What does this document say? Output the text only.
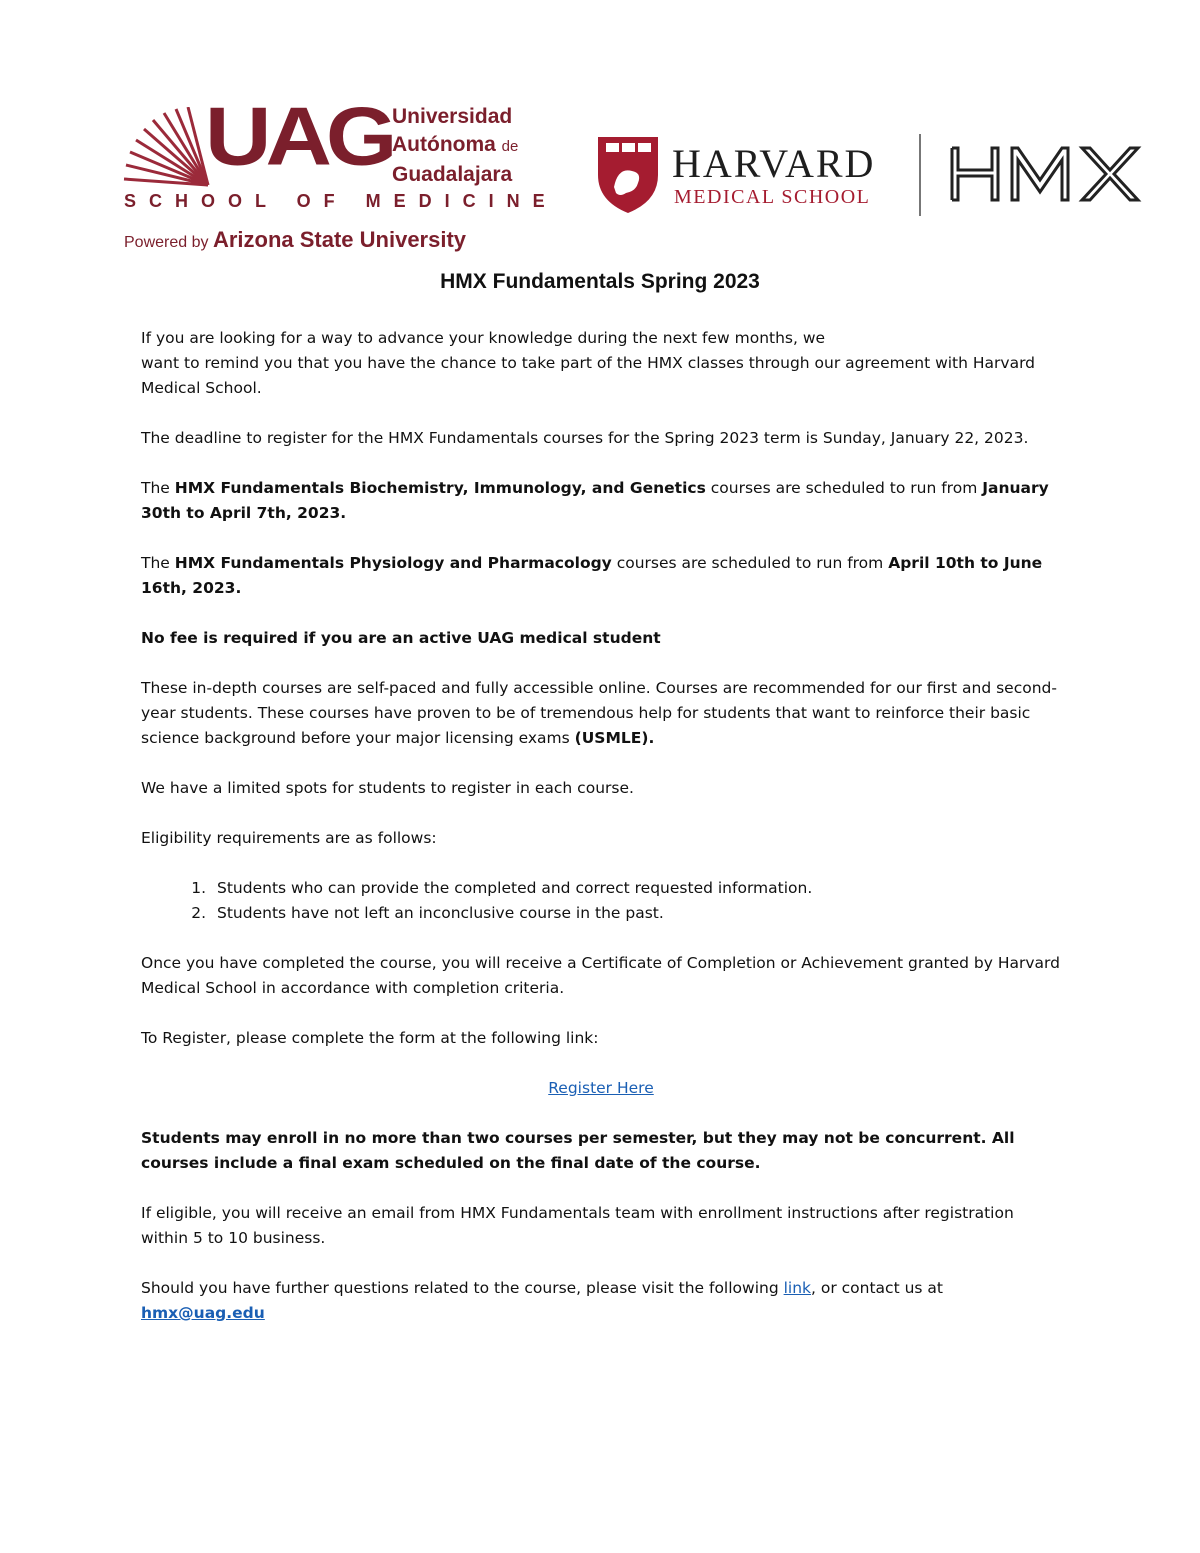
UAG Universidad
Autónoma de
Guadalajara
SCHOOL OF MEDICINE
Powered by Arizona State University
HARVARD
MEDICAL SCHOOL
HMX Fundamentals Spring 2023

If you are looking for a way to advance your knowledge during the next few months, we
want to remind you that you have the chance to take part of the HMX classes through our agreement with Harvard Medical School.

The deadline to register for the HMX Fundamentals courses for the Spring 2023 term is Sunday, January 22, 2023.

The HMX Fundamentals Biochemistry, Immunology, and Genetics courses are scheduled to run from January 30th to April 7th, 2023.

The HMX Fundamentals Physiology and Pharmacology courses are scheduled to run from April 10th to June 16th, 2023.

No fee is required if you are an active UAG medical student

These in-depth courses are self-paced and fully accessible online. Courses are recommended for our first and second-year students. These courses have proven to be of tremendous help for students that want to reinforce their basic science background before your major licensing exams (USMLE).

We have a limited spots for students to register in each course.

Eligibility requirements are as follows:

1. Students who can provide the completed and correct requested information.
2. Students have not left an inconclusive course in the past.

Once you have completed the course, you will receive a Certificate of Completion or Achievement granted by Harvard Medical School in accordance with completion criteria.

To Register, please complete the form at the following link:

Register Here

Students may enroll in no more than two courses per semester, but they may not be concurrent. All courses include a final exam scheduled on the final date of the course.

If eligible, you will receive an email from HMX Fundamentals team with enrollment instructions after registration within 5 to 10 business.

Should you have further questions related to the course, please visit the following link, or contact us at
hmx@uag.edu
